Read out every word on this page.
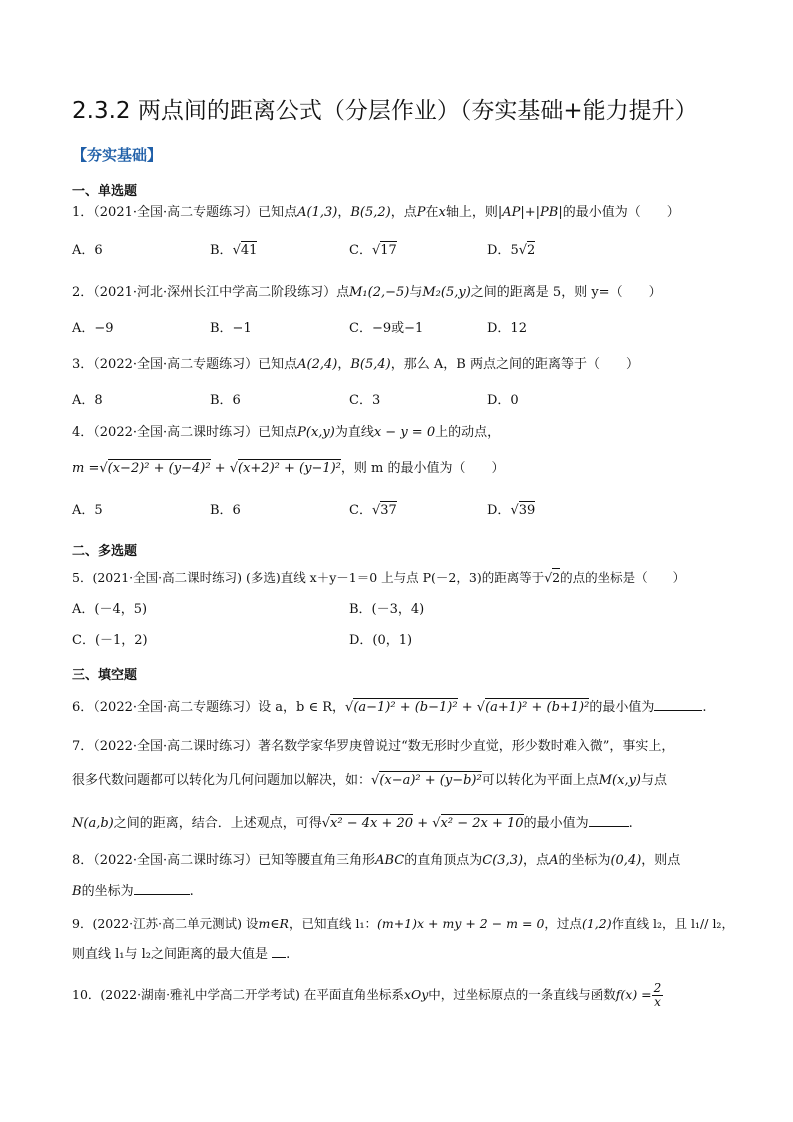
2.3.2 两点间的距离公式（分层作业）（夯实基础+能力提升）
【夯实基础】
一、单选题
1．（2021·全国·高二专题练习）已知点A(1,3)，B(5,2)，点P在x轴上，则|AP|+|PB|的最小值为（　　）
A．6	B．√41	C．√17	D．5√2
2．（2021·河北·深州长江中学高二阶段练习）点M₁(2,−5)与M₂(5,y)之间的距离是 5，则 y=（　　）
A．−9	B．−1	C．−9或−1	D．12
3．（2022·全国·高二专题练习）已知点A(2,4)，B(5,4)，那么 A，B 两点之间的距离等于（　　）
A．8	B．6	C．3	D．0
4．（2022·全国·高二课时练习）已知点P(x,y)为直线x − y = 0上的动点，
m =√(x−2)² + (y−4)² + √(x+2)² + (y−1)²，则 m 的最小值为（　　）
A．5	B．6	C．√37	D．√39
二、多选题
5．(2021·全国·高二课时练习) (多选)直线 x＋y－1＝0 上与点 P(－2，3)的距离等于√2的点的坐标是（　　）
A．(－4，5)	B．(－3，4)
C．(－1，2)	D．(0，1)
三、填空题
6．（2022·全国·高二专题练习）设 a，b ∈ R，√(a−1)² + (b−1)² + √(a+1)² + (b+1)²的最小值为	.
7．（2022·全国·高二课时练习）著名数学家华罗庚曾说过“数无形时少直觉，形少数时难入微”，事实上，
很多代数问题都可以转化为几何问题加以解决，如：√(x−a)² + (y−b)²可以转化为平面上点M(x,y)与点
N(a,b)之间的距离，结合．上述观点，可得√x² − 4x + 20 + √x² − 2x + 10的最小值为	.
8．（2022·全国·高二课时练习）已知等腰直角三角形ABC的直角顶点为C(3,3)，点A的坐标为(0,4)，则点
B的坐标为	.
9．(2022·江苏·高二单元测试) 设m∈R，已知直线 l₁：(m+1)x + my + 2 − m = 0，过点(1,2)作直线 l₂，且 l₁// l₂，
则直线 l₁与 l₂之间距离的最大值是 .
10．(2022·湖南·雅礼中学高二开学考试) 在平面直角坐标系xOy中，过坐标原点的一条直线与函数$f(x) = \frac{2}{x}$
